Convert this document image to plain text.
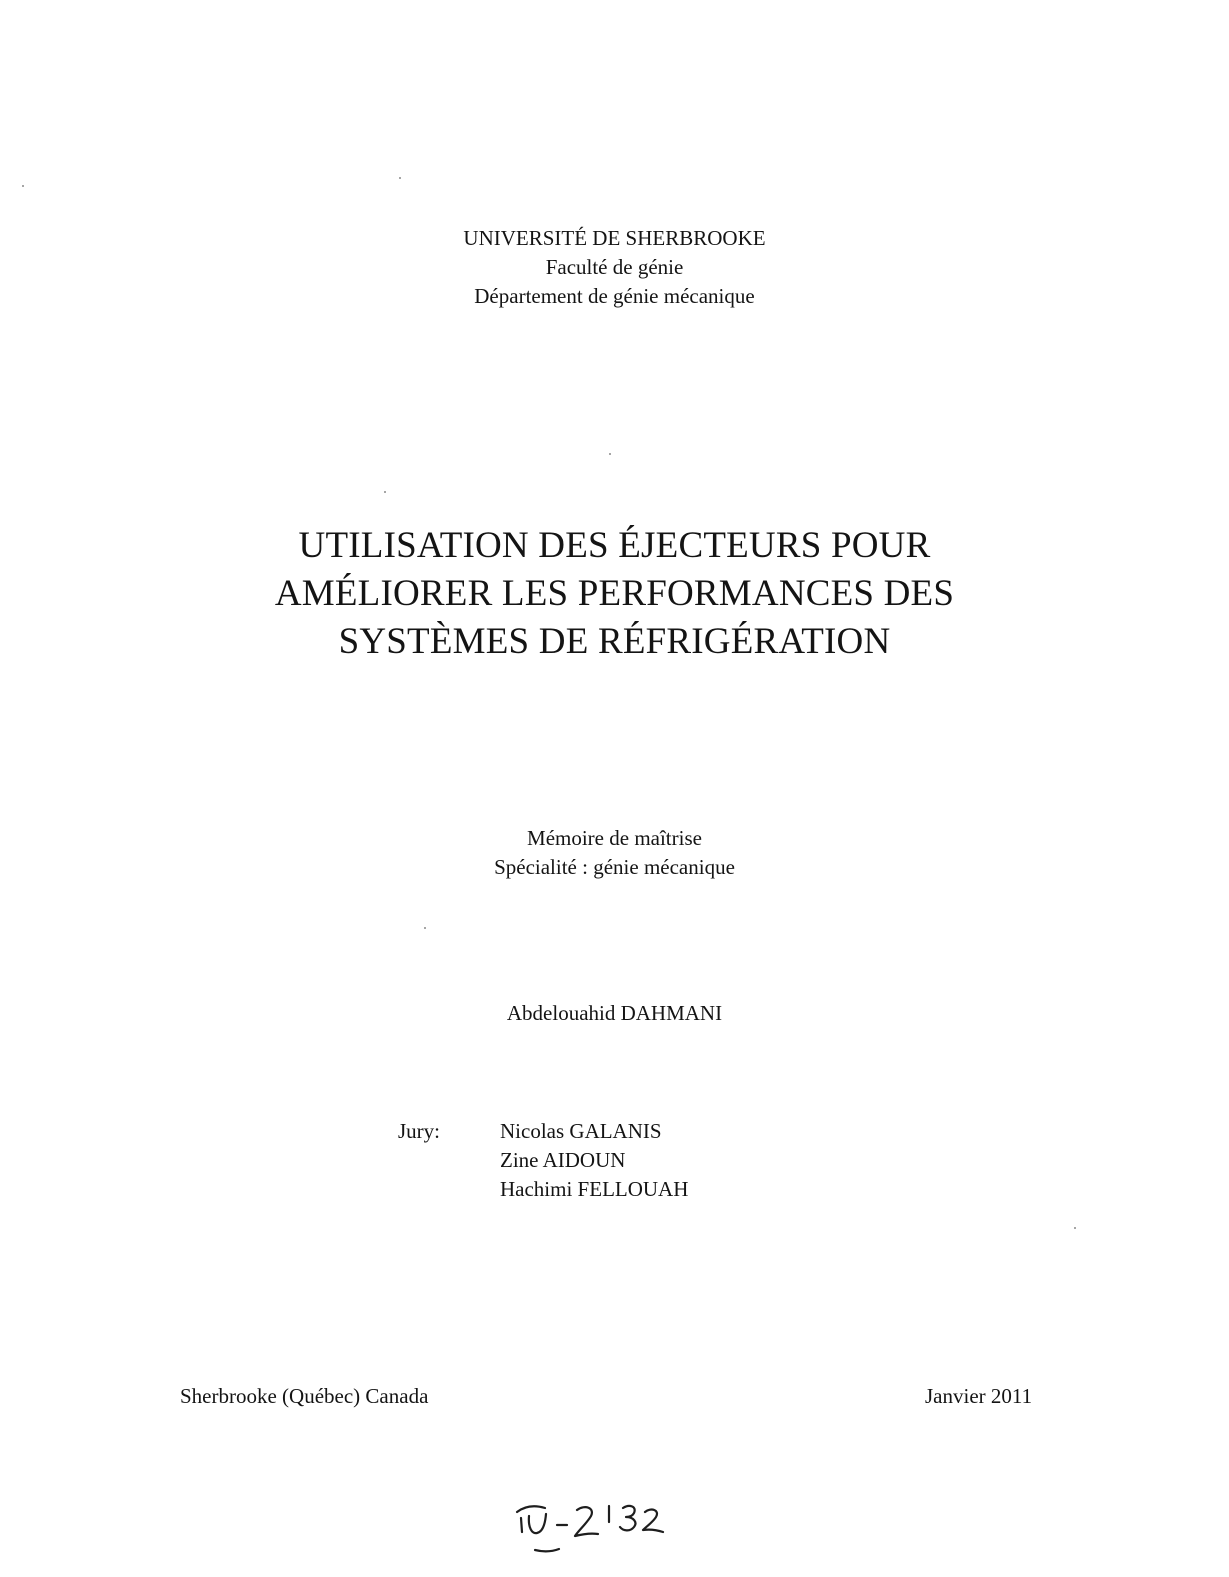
UNIVERSITÉ DE SHERBROOKE
Faculté de génie
Département de génie mécanique
UTILISATION DES ÉJECTEURS POUR
AMÉLIORER LES PERFORMANCES DES
SYSTÈMES DE RÉFRIGÉRATION
Mémoire de maîtrise
Spécialité : génie mécanique
Abdelouahid DAHMANI
Jury:	Nicolas GALANIS
Zine AIDOUN
Hachimi FELLOUAH
Sherbrooke (Québec) Canada	Janvier 2011
